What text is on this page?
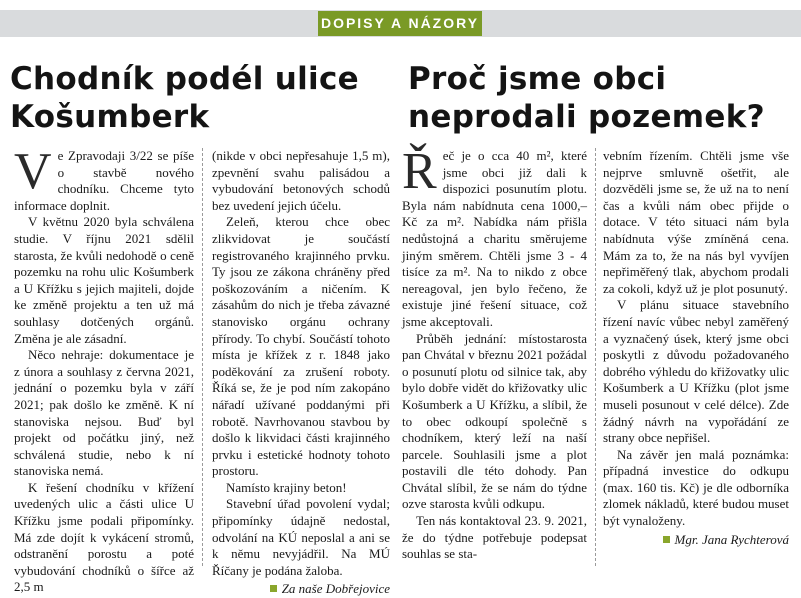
DOPISY A NÁZORY
Chodník podél ulice
Košumberk

Ve Zpravodaji 3/22 se píše o stavbě nového chodníku. Chceme tyto informace doplnit.

V květnu 2020 byla schválena studie. V říjnu 2021 sdělil starosta, že kvůli nedohodě o ceně pozemku na rohu ulic Košumberk a U Křížku s jejich majiteli, dojde ke změně projektu a ten už má souhlasy dotčených orgánů. Změna je ale zásadní.

Něco nehraje: dokumentace je z února a souhlasy z června 2021, jednání o pozemku byla v září 2021; pak došlo ke změně. K ní stanoviska nejsou. Buď byl projekt od počátku jiný, než schválená studie, nebo k ní stanoviska nemá.

K řešení chodníku v křížení uvedených ulic a části ulice U Křížku jsme podali připomínky. Má zde dojít k vykácení stromů, odstranění porostu a poté vybudování chodníků o šířce až 2,5 m

(nikde v obci nepřesahuje 1,5 m), zpevnění svahu palisádou a vybudování betonových schodů bez uvedení jejich účelu.

Zeleň, kterou chce obec zlikvidovat je součástí registrovaného krajinného prvku. Ty jsou ze zákona chráněny před poškozováním a ničením. K zásahům do nich je třeba závazné stanovisko orgánu ochrany přírody. To chybí. Součástí tohoto místa je křížek z r. 1848 jako poděkování za zrušení roboty. Říká se, že je pod ním zakopáno nářadí užívané poddanými při robotě. Navrhovanou stavbou by došlo k likvidaci části krajinného prvku i estetické hodnoty tohoto prostoru.

Namísto krajiny beton!

Stavební úřad povolení vydal; připomínky údajně nedostal, odvolání na KÚ neposlal a ani se k němu nevyjádřil. Na MÚ Říčany je podána žaloba.

Za naše Dobřejovice

Proč jsme obci
neprodali pozemek?

Řeč je o cca 40 m², které jsme obci již dali k dispozici posunutím plotu. Byla nám nabídnuta cena 1000,– Kč za m². Nabídka nám přišla nedůstojná a charitu směrujeme jiným směrem. Chtěli jsme 3 - 4 tisíce za m². Na to nikdo z obce nereagoval, jen bylo řečeno, že existuje jiné řešení situace, což jsme akceptovali.

Průběh jednání: místostarosta pan Chvátal v březnu 2021 požádal o posunutí plotu od silnice tak, aby bylo dobře vidět do křižovatky ulic Košumberk a U Křížku, a slíbil, že to obec odkoupí společně s chodníkem, který leží na naší parcele. Souhlasili jsme a plot postavili dle této dohody. Pan Chvátal slíbil, že se nám do týdne ozve starosta kvůli odkupu.

Ten nás kontaktoval 23. 9. 2021, že do týdne potřebuje podepsat souhlas se sta-

vebním řízením. Chtěli jsme vše nejprve smluvně ošetřit, ale dozvěděli jsme se, že už na to není čas a kvůli nám obec přijde o dotace. V této situaci nám byla nabídnuta výše zmíněná cena. Mám za to, že na nás byl vyvíjen nepřiměřený tlak, abychom prodali za cokoli, když už je plot posunutý.

V plánu situace stavebního řízení navíc vůbec nebyl zaměřený a vyznačený úsek, který jsme obci poskytli z důvodu požadovaného dobrého výhledu do křižovatky ulic Košumberk a U Křížku (plot jsme museli posunout v celé délce). Zde žádný návrh na vypořádání ze strany obce nepřišel.

Na závěr jen malá poznámka: případná investice do odkupu (max. 160 tis. Kč) je dle odborníka zlomek nákladů, které budou muset být vynaloženy.

Mgr. Jana Rychterová
